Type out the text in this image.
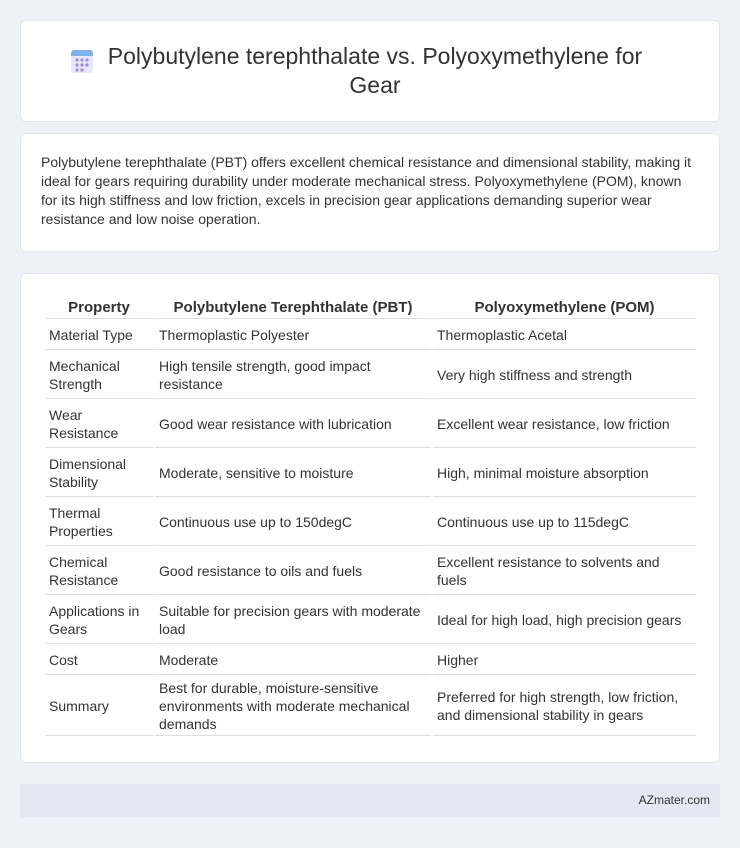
Polybutylene terephthalate vs. Polyoxymethylene for Gear

Polybutylene terephthalate (PBT) offers excellent chemical resistance and dimensional stability, making it ideal for gears requiring durability under moderate mechanical stress. Polyoxymethylene (POM), known for its high stiffness and low friction, excels in precision gear applications demanding superior wear resistance and low noise operation.

Property	Polybutylene Terephthalate (PBT)	Polyoxymethylene (POM)
Material Type	Thermoplastic Polyester	Thermoplastic Acetal
Mechanical Strength	High tensile strength, good impact resistance	Very high stiffness and strength
Wear Resistance	Good wear resistance with lubrication	Excellent wear resistance, low friction
Dimensional Stability	Moderate, sensitive to moisture	High, minimal moisture absorption
Thermal Properties	Continuous use up to 150degC	Continuous use up to 115degC
Chemical Resistance	Good resistance to oils and fuels	Excellent resistance to solvents and fuels
Applications in Gears	Suitable for precision gears with moderate load	Ideal for high load, high precision gears
Cost	Moderate	Higher
Summary	Best for durable, moisture-sensitive environments with moderate mechanical demands	Preferred for high strength, low friction, and dimensional stability in gears
AZmater.com
